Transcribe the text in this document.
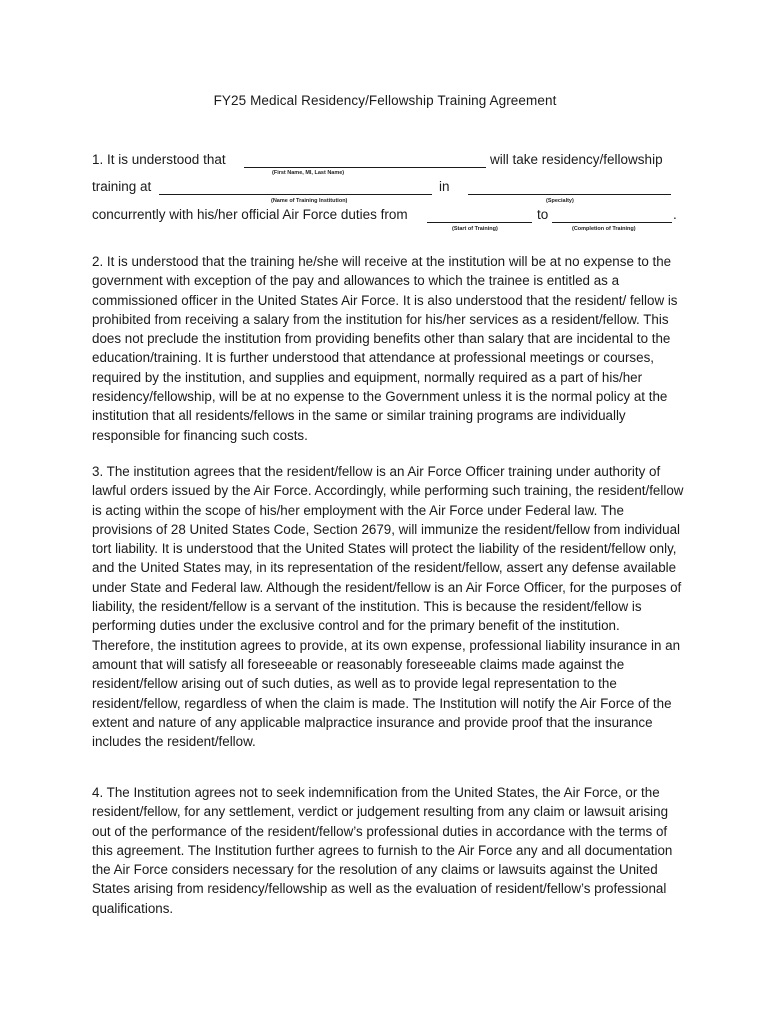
FY25 Medical Residency/Fellowship Training Agreement
1. It is understood that	will take residency/fellowship
(First Name, MI, Last Name)
training at	in
(Name of Training Institution)	(Specialty)
concurrently with his/her official Air Force duties from	to	.
(Start of Training)	(Completion of Training)

2. It is understood that the training he/she will receive at the institution will be at no expense to the government with exception of the pay and allowances to which the trainee is entitled as a commissioned officer in the United States Air Force. It is also understood that the resident/ fellow is prohibited from receiving a salary from the institution for his/her services as a resident/fellow. This does not preclude the institution from providing benefits other than salary that are incidental to the education/training. It is further understood that attendance at professional meetings or courses, required by the institution, and supplies and equipment, normally required as a part of his/her residency/fellowship, will be at no expense to the Government unless it is the normal policy at the institution that all residents/fellows in the same or similar training programs are individually responsible for financing such costs.

3. The institution agrees that the resident/fellow is an Air Force Officer training under authority of lawful orders issued by the Air Force. Accordingly, while performing such training, the resident/fellow is acting within the scope of his/her employment with the Air Force under Federal law. The provisions of 28 United States Code, Section 2679, will immunize the resident/fellow from individual tort liability. It is understood that the United States will protect the liability of the resident/fellow only, and the United States may, in its representation of the resident/fellow, assert any defense available under State and Federal law. Although the resident/fellow is an Air Force Officer, for the purposes of liability, the resident/fellow is a servant of the institution. This is because the resident/fellow is performing duties under the exclusive control and for the primary benefit of the institution. Therefore, the institution agrees to provide, at its own expense, professional liability insurance in an amount that will satisfy all foreseeable or reasonably foreseeable claims made against the resident/fellow arising out of such duties, as well as to provide legal representation to the resident/fellow, regardless of when the claim is made. The Institution will notify the Air Force of the extent and nature of any applicable malpractice insurance and provide proof that the insurance includes the resident/fellow.

4. The Institution agrees not to seek indemnification from the United States, the Air Force, or the resident/fellow, for any settlement, verdict or judgement resulting from any claim or lawsuit arising out of the performance of the resident/fellow’s professional duties in accordance with the terms of this agreement. The Institution further agrees to furnish to the Air Force any and all documentation the Air Force considers necessary for the resolution of any claims or lawsuits against the United States arising from residency/fellowship as well as the evaluation of resident/fellow’s professional qualifications.
